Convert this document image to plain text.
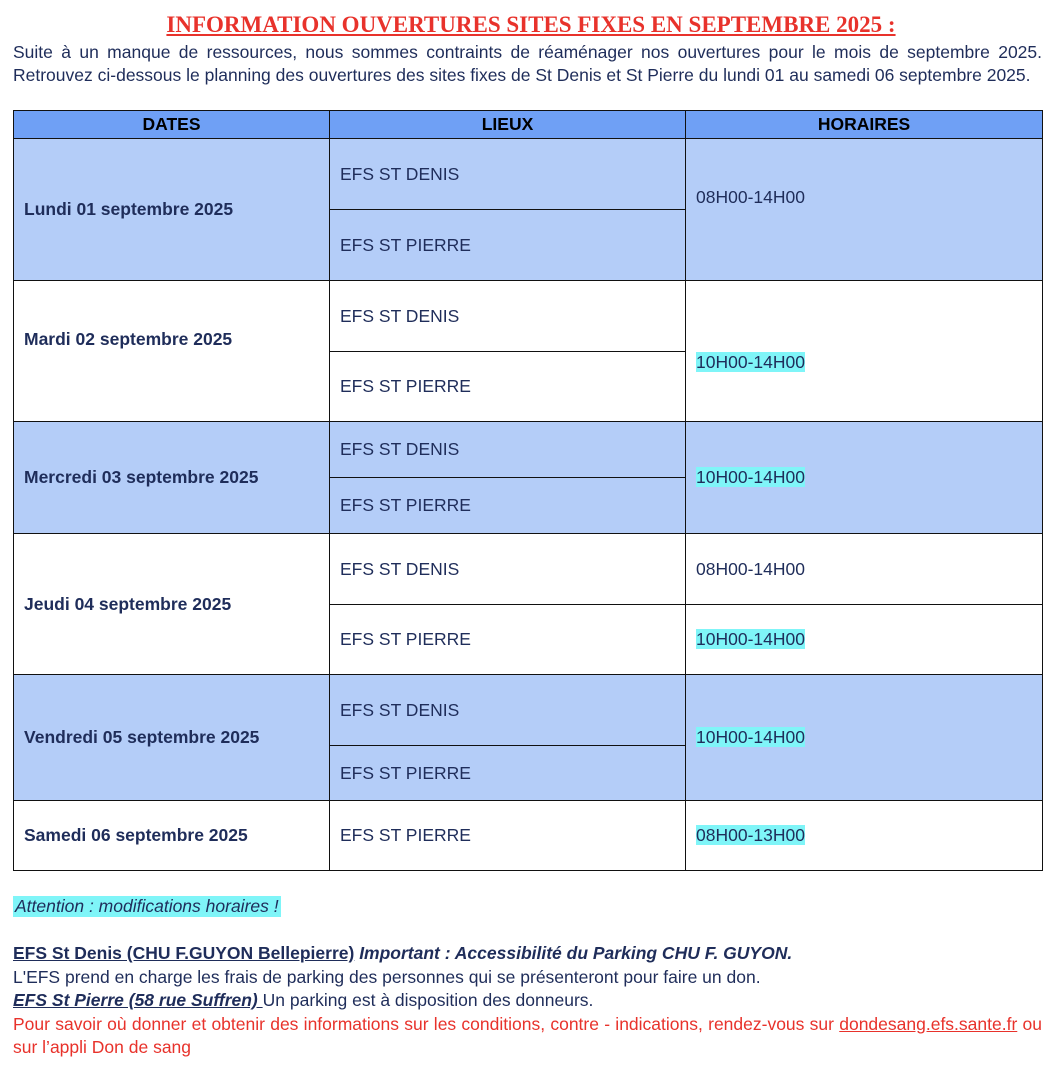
INFORMATION OUVERTURES SITES FIXES EN SEPTEMBRE 2025 :
Suite à un manque de ressources, nous sommes contraints de réaménager nos ouvertures pour le mois de septembre 2025. Retrouvez ci-dessous le planning des ouvertures des sites fixes de St Denis et St Pierre du lundi 01 au samedi 06 septembre 2025.
DATES	LIEUX	HORAIRES
Lundi 01 septembre 2025	EFS ST DENIS	08H00-14H00
	EFS ST PIERRE	
Mardi 02 septembre 2025	EFS ST DENIS	10H00-14H00
	EFS ST PIERRE	
Mercredi 03 septembre 2025	EFS ST DENIS	10H00-14H00
	EFS ST PIERRE	
Jeudi 04 septembre 2025	EFS ST DENIS	08H00-14H00
	EFS ST PIERRE	10H00-14H00
Vendredi 05 septembre 2025	EFS ST DENIS	10H00-14H00
	EFS ST PIERRE	
Samedi 06 septembre 2025	EFS ST PIERRE	08H00-13H00
Attention : modifications horaires !
EFS St Denis (CHU F.GUYON Bellepierre) Important : Accessibilité du Parking CHU F. GUYON.
L'EFS prend en charge les frais de parking des personnes qui se présenteront pour faire un don.
EFS St Pierre (58 rue Suffren) Un parking est à disposition des donneurs.
Pour savoir où donner et obtenir des informations sur les conditions, contre - indications, rendez-vous sur dondesang.efs.sante.fr ou sur l’appli Don de sang
